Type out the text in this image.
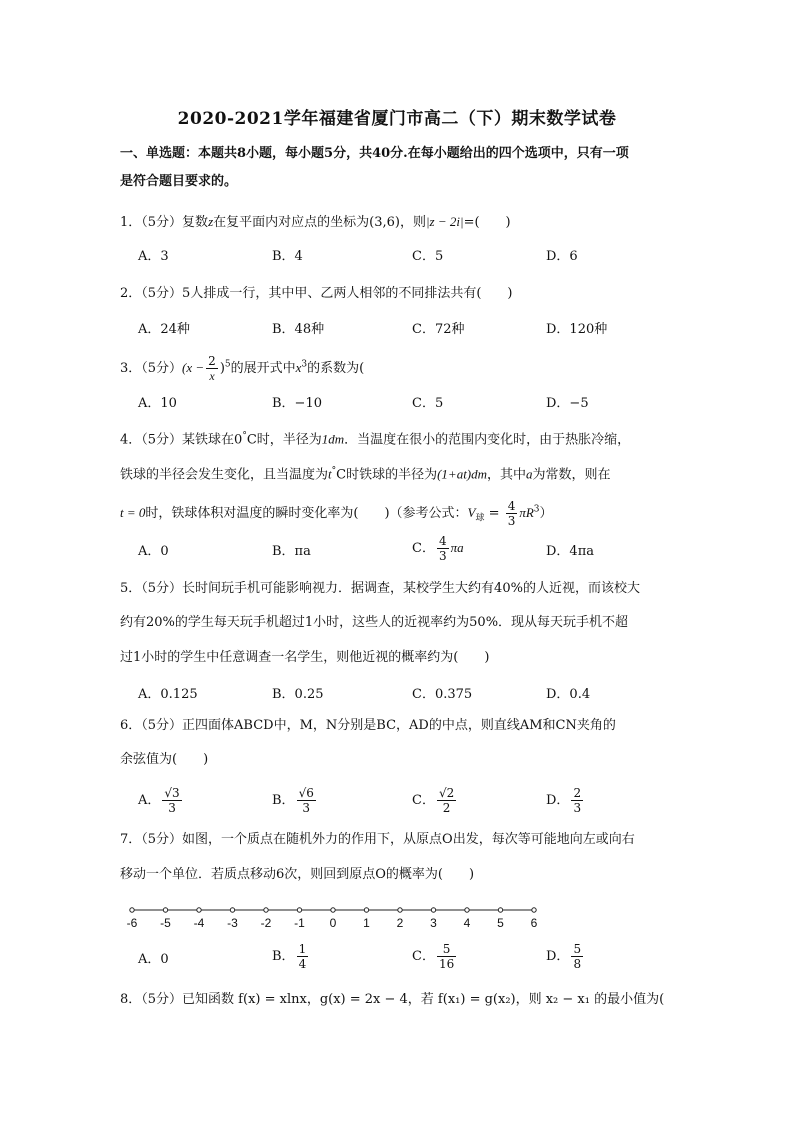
2020-2021学年福建省厦门市高二（下）期末数学试卷
一、单选题：本题共8小题，每小题5分，共40分.在每小题给出的四个选项中，只有一项
是符合题目要求的。
1．（5分）复数z在复平面内对应点的坐标为(3,6)，则|z − 2i|=(　　)
A．3	B．4	C．5	D．6
2．（5分）5人排成一行，其中甲、乙两人相邻的不同排法共有(　　)
A．24种	B．48种	C．72种	D．120种
3．（5分）$(x - \frac{2}{x} )^5$的展开式中$x^3$的系数为(
A．10	B．−10	C．5	D．−5
4．（5分）某铁球在0°C时，半径为1dm．当温度在很小的范围内变化时，由于热胀冷缩，
铁球的半径会发生变化，且当温度为t°C时铁球的半径为(1+at)dm，其中a为常数，则在
t = 0时，铁球体积对温度的瞬时变化率为(　　)（参考公式：$V_球 = \frac{4}{3} \pi R^3$）
A．0	B．πa	C． $\frac{4}{3}$ πa	D．4πa
5．（5分）长时间玩手机可能影响视力．据调查，某校学生大约有40%的人近视，而该校大
约有20%的学生每天玩手机超过1小时，这些人的近视率约为50%．现从每天玩手机不超
过1小时的学生中任意调查一名学生，则他近视的概率约为(　　)
A．0.125	B．0.25	C．0.375	D．0.4
6．（5分）正四面体ABCD中，M，N分别是BC，AD的中点，则直线AM和CN夹角的
余弦值为(　　)
A． $\frac{√3}{3}$	B． $\frac{√6}{3}$	C． $\frac{√2}{2}$	D． $\frac{2}{3}$
7．（5分）如图，一个质点在随机外力的作用下，从原点O出发，每次等可能地向左或向右
移动一个单位．若质点移动6次，则回到原点O的概率为(　　)
-6 -5 -4 -3 -2 -1 0 1 2 3 4 5 6
A．0	B． $\frac{1}{4}$	C． $\frac{5}{16}$	D． $\frac{5}{8}$
8．（5分）已知函数 f(x) = xlnx，g(x) = 2x − 4，若 f(x₁) = g(x₂)，则 x₂ − x₁ 的最小值为(
